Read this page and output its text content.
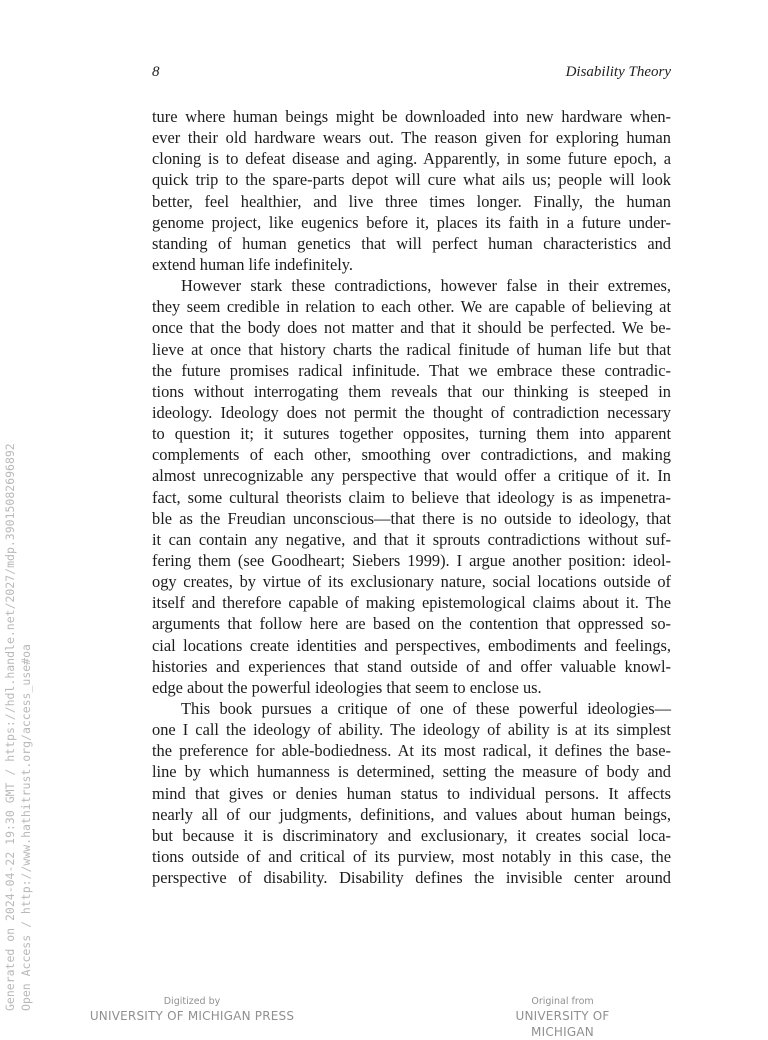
8	Disability Theory
ture where human beings might be downloaded into new hardware when-
ever their old hardware wears out. The reason given for exploring human
cloning is to defeat disease and aging. Apparently, in some future epoch, a
quick trip to the spare-parts depot will cure what ails us; people will look
better, feel healthier, and live three times longer. Finally, the human
genome project, like eugenics before it, places its faith in a future under-
standing of human genetics that will perfect human characteristics and
extend human life indefinitely.
However stark these contradictions, however false in their extremes,
they seem credible in relation to each other. We are capable of believing at
once that the body does not matter and that it should be perfected. We be-
lieve at once that history charts the radical finitude of human life but that
the future promises radical infinitude. That we embrace these contradic-
tions without interrogating them reveals that our thinking is steeped in
ideology. Ideology does not permit the thought of contradiction necessary
to question it; it sutures together opposites, turning them into apparent
complements of each other, smoothing over contradictions, and making
almost unrecognizable any perspective that would offer a critique of it. In
fact, some cultural theorists claim to believe that ideology is as impenetra-
ble as the Freudian unconscious—that there is no outside to ideology, that
it can contain any negative, and that it sprouts contradictions without suf-
fering them (see Goodheart; Siebers 1999). I argue another position: ideol-
ogy creates, by virtue of its exclusionary nature, social locations outside of
itself and therefore capable of making epistemological claims about it. The
arguments that follow here are based on the contention that oppressed so-
cial locations create identities and perspectives, embodiments and feelings,
histories and experiences that stand outside of and offer valuable knowl-
edge about the powerful ideologies that seem to enclose us.
This book pursues a critique of one of these powerful ideologies—
one I call the ideology of ability. The ideology of ability is at its simplest
the preference for able-bodiedness. At its most radical, it defines the base-
line by which humanness is determined, setting the measure of body and
mind that gives or denies human status to individual persons. It affects
nearly all of our judgments, definitions, and values about human beings,
but because it is discriminatory and exclusionary, it creates social loca-
tions outside of and critical of its purview, most notably in this case, the
perspective of disability. Disability defines the invisible center around
Generated on 2024-04-22 19:30 GMT / https://hdl.handle.net/2027/mdp.39015082696892 Open Access / http://www.hathitrust.org/access_use#oa	Digitized by
UNIVERSITY OF MICHIGAN PRESS
Original from
UNIVERSITY OF MICHIGAN
